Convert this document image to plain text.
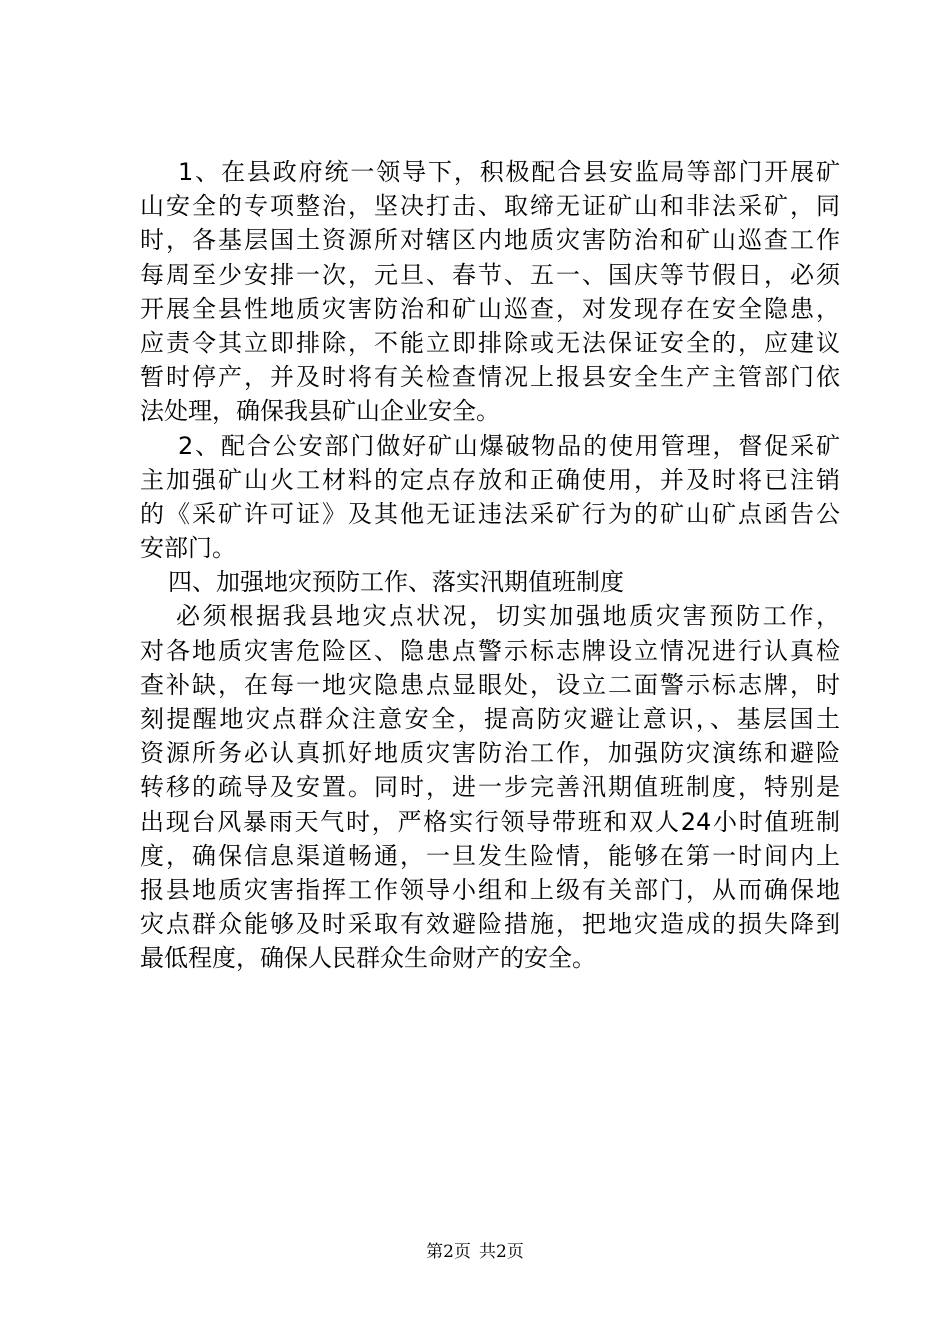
1、在县政府统一领导下，积极配合县安监局等部门开展矿
山安全的专项整治，坚决打击、取缔无证矿山和非法采矿，同
时，各基层国土资源所对辖区内地质灾害防治和矿山巡查工作
每周至少安排一次，元旦、春节、五一、国庆等节假日，必须
开展全县性地质灾害防治和矿山巡查，对发现存在安全隐患，
应责令其立即排除，不能立即排除或无法保证安全的，应建议
暂时停产，并及时将有关检查情况上报县安全生产主管部门依
法处理，确保我县矿山企业安全。
2、配合公安部门做好矿山爆破物品的使用管理，督促采矿
主加强矿山火工材料的定点存放和正确使用，并及时将已注销
的《采矿许可证》及其他无证违法采矿行为的矿山矿点函告公
安部门。
四、加强地灾预防工作、落实汛期值班制度
必须根据我县地灾点状况，切实加强地质灾害预防工作，
对各地质灾害危险区、隐患点警示标志牌设立情况进行认真检
查补缺，在每一地灾隐患点显眼处，设立二面警示标志牌，时
刻提醒地灾点群众注意安全，提高防灾避让意识，、基层国土
资源所务必认真抓好地质灾害防治工作，加强防灾演练和避险
转移的疏导及安置。同时，进一步完善汛期值班制度，特别是
出现台风暴雨天气时，严格实行领导带班和双人24小时值班制
度，确保信息渠道畅通，一旦发生险情，能够在第一时间内上
报县地质灾害指挥工作领导小组和上级有关部门，从而确保地
灾点群众能够及时采取有效避险措施，把地灾造成的损失降到
最低程度，确保人民群众生命财产的安全。
第2页 共2页
